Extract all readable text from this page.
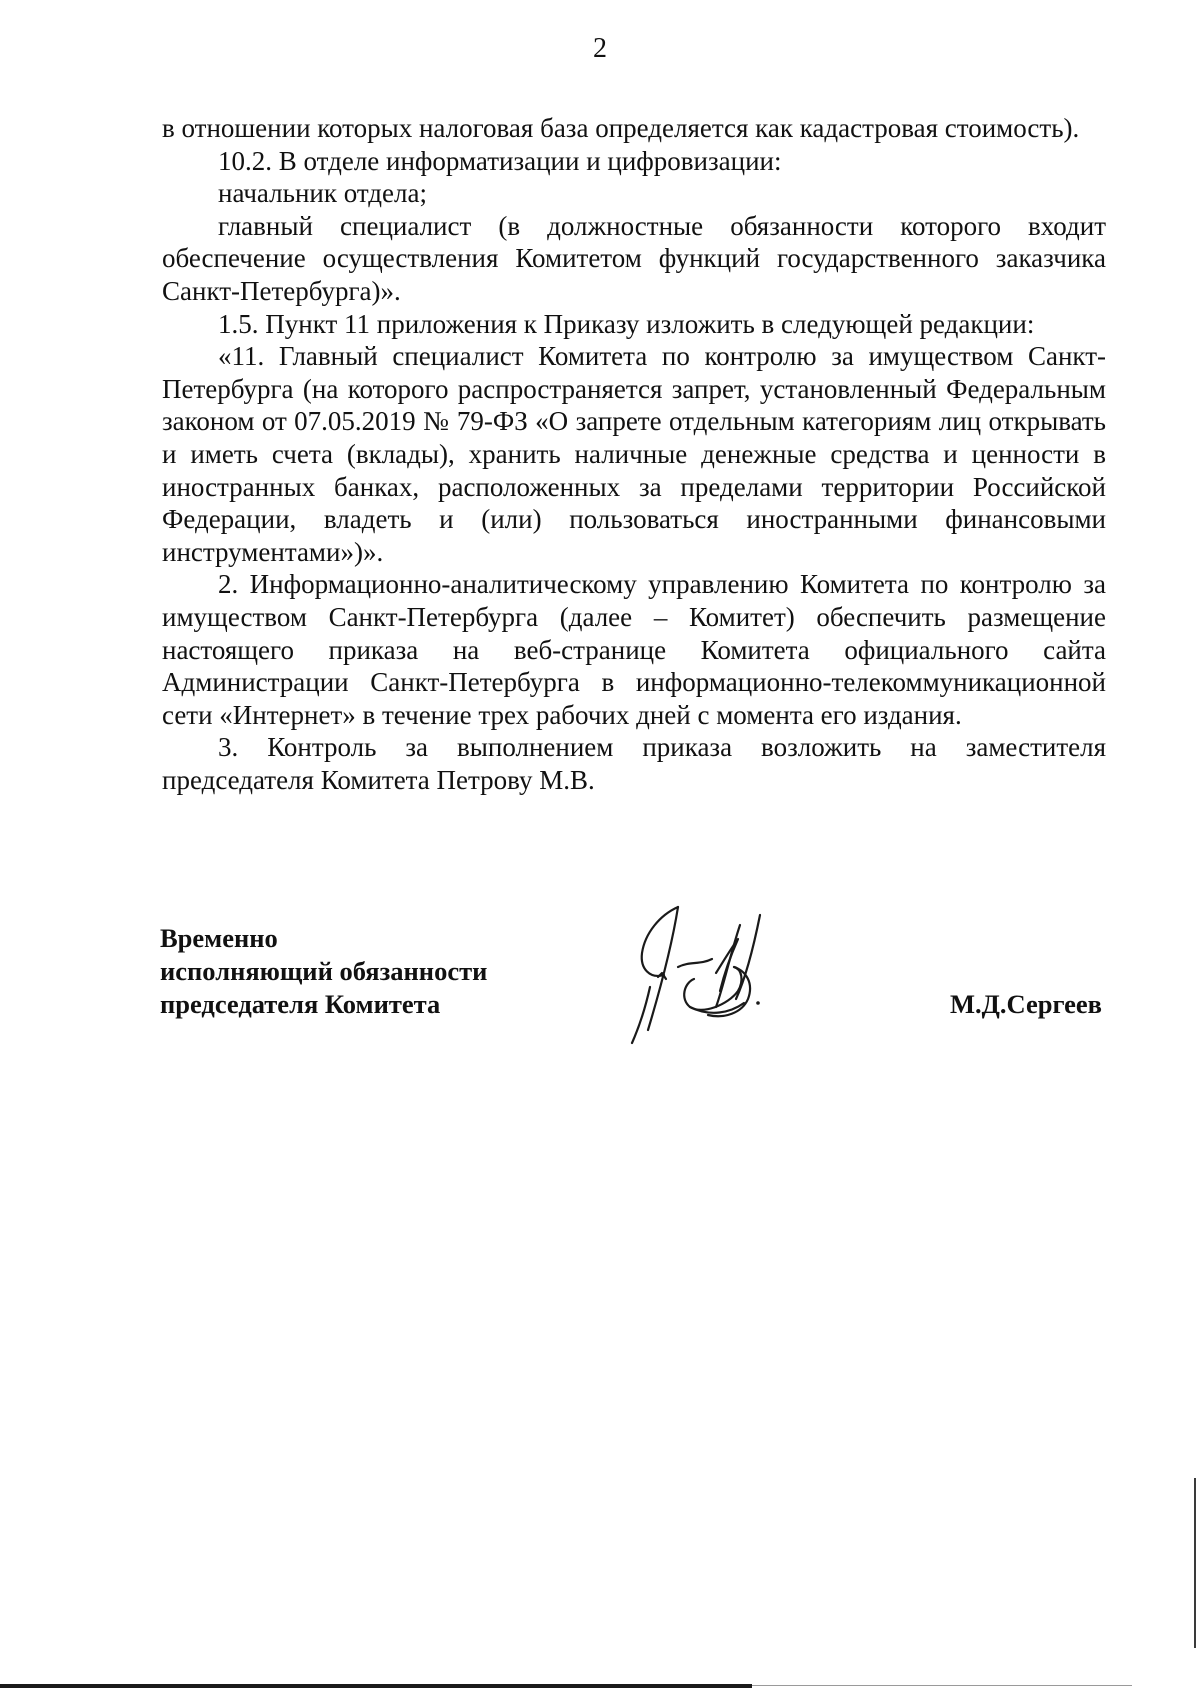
2

в отношении которых налоговая база определяется как кадастровая стоимость).

10.2. В отделе информатизации и цифровизации:

начальник отдела;

главный специалист (в должностные обязанности которого входит обеспечение осуществления Комитетом функций государственного заказчика Санкт-Петербурга)».

1.5. Пункт 11 приложения к Приказу изложить в следующей редакции:

«11. Главный специалист Комитета по контролю за имуществом Санкт-Петербурга (на которого распространяется запрет, установленный Федеральным законом от 07.05.2019 № 79-ФЗ «О запрете отдельным категориям лиц открывать и иметь счета (вклады), хранить наличные денежные средства и ценности в иностранных банках, расположенных за пределами территории Российской Федерации, владеть и (или) пользоваться иностранными финансовыми инструментами»)».

2. Информационно-аналитическому управлению Комитета по контролю за имуществом Санкт-Петербурга (далее – Комитет) обеспечить размещение настоящего приказа на веб-странице Комитета официального сайта Администрации Санкт-Петербурга в информационно-телекоммуникационной сети «Интернет» в течение трех рабочих дней с момента его издания.

3. Контроль за выполнением приказа возложить на заместителя председателя Комитета Петрову М.В.

Временно
исполняющий обязанности
председателя Комитета	М.Д.Сергеев
